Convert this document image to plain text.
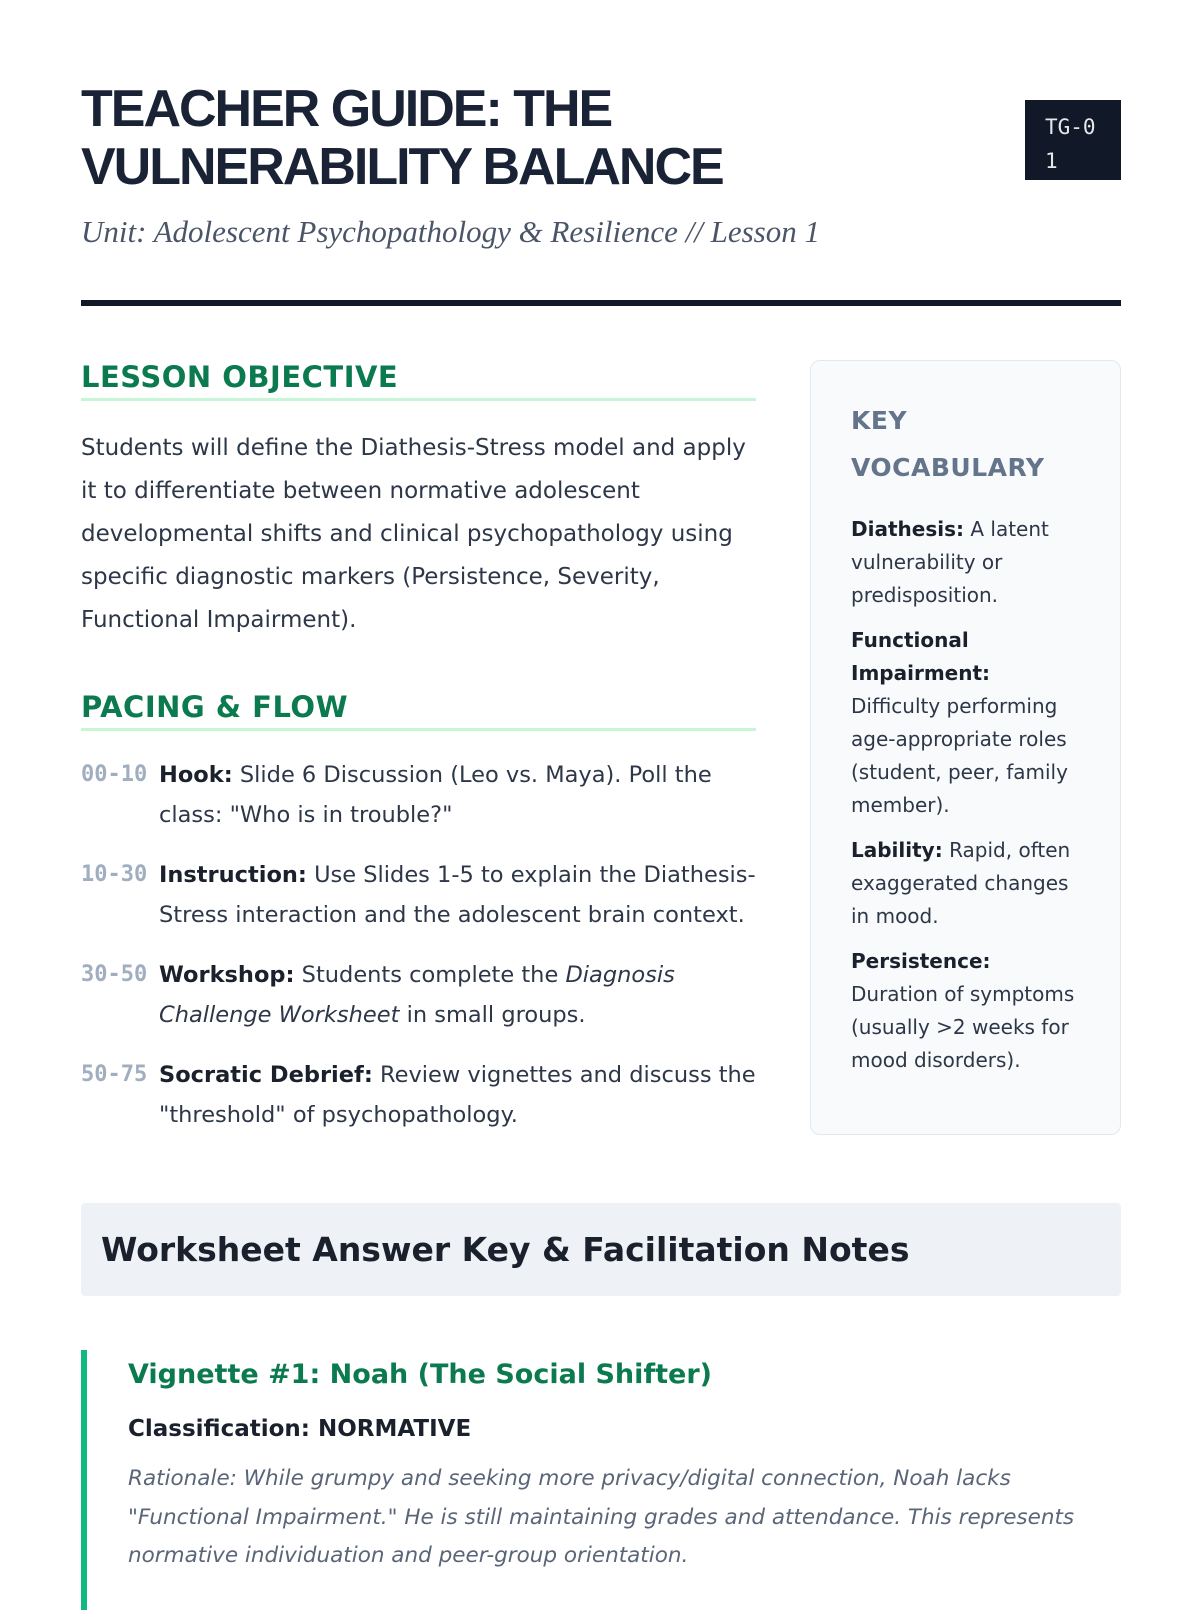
TEACHER GUIDE: THE VULNERABILITY BALANCE
TG-01

Unit: Adolescent Psychopathology & Resilience // Lesson 1

LESSON OBJECTIVE

Students will define the Diathesis-Stress model and apply it to differentiate between normative adolescent developmental shifts and clinical psychopathology using specific diagnostic markers (Persistence, Severity, Functional Impairment).

PACING & FLOW
00-10 Hook: Slide 6 Discussion (Leo vs. Maya). Poll the class: "Who is in trouble?"
10-30 Instruction: Use Slides 1-5 to explain the Diathesis-Stress interaction and the adolescent brain context.
30-50 Workshop: Students complete the Diagnosis Challenge Worksheet in small groups.
50-75 Socratic Debrief: Review vignettes and discuss the "threshold" of psychopathology.
KEY VOCABULARY

Diathesis: A latent vulnerability or predisposition.

Functional Impairment: Difficulty performing age-appropriate roles (student, peer, family member).

Lability: Rapid, often exaggerated changes in mood.

Persistence: Duration of symptoms (usually >2 weeks for mood disorders).

Worksheet Answer Key & Facilitation Notes
Vignette #1: Noah (The Social Shifter)

Classification: NORMATIVE

Rationale: While grumpy and seeking more privacy/digital connection, Noah lacks "Functional Impairment." He is still maintaining grades and attendance. This represents normative individuation and peer-group orientation.
